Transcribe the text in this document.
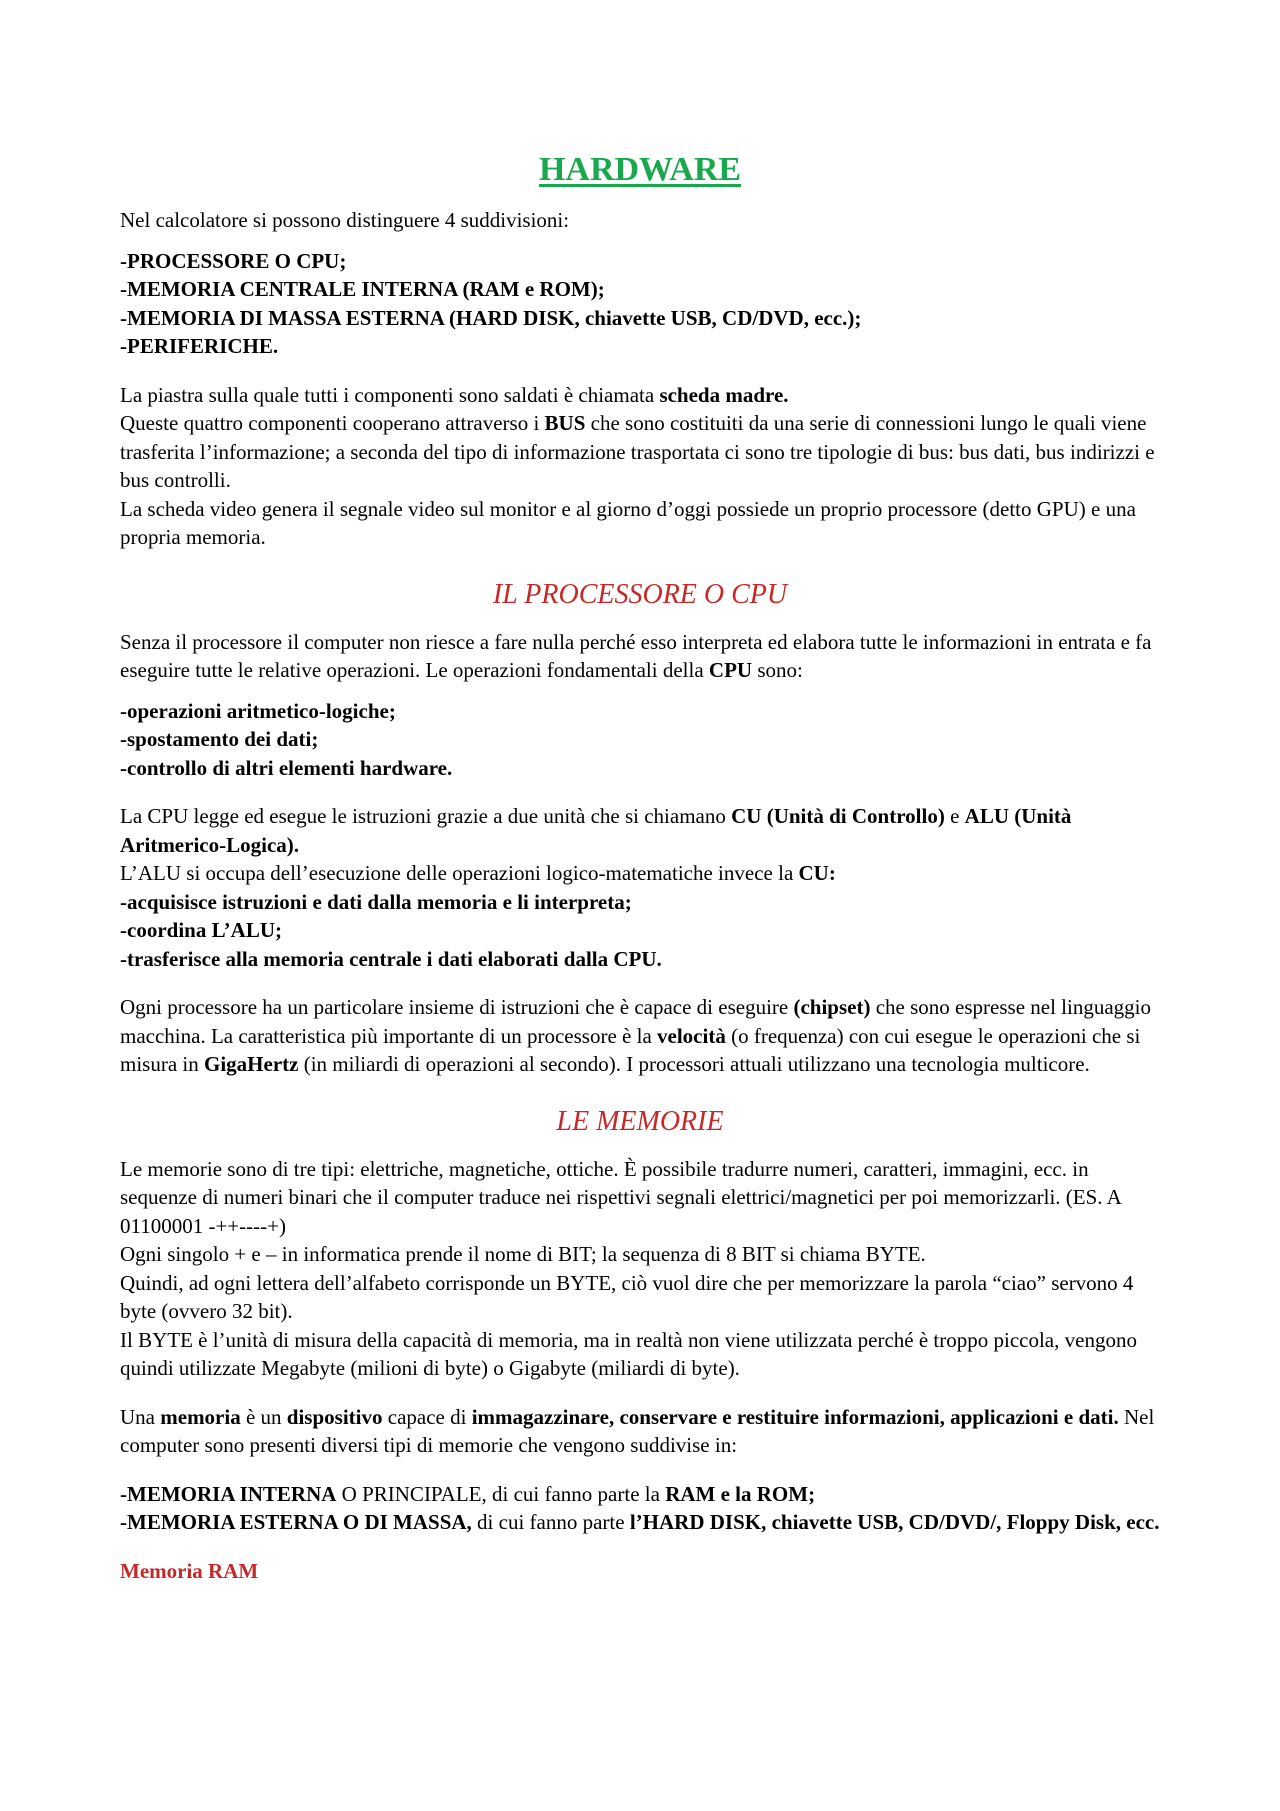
HARDWARE

Nel calcolatore si possono distinguere 4 suddivisioni:

-PROCESSORE O CPU;

-MEMORIA CENTRALE INTERNA (RAM e ROM);

-MEMORIA DI MASSA ESTERNA (HARD DISK, chiavette USB, CD/DVD, ecc.);

-PERIFERICHE.

La piastra sulla quale tutti i componenti sono saldati è chiamata scheda madre.

Queste quattro componenti cooperano attraverso i BUS che sono costituiti da una serie di connessioni lungo le quali viene trasferita l’informazione; a seconda del tipo di informazione trasportata ci sono tre tipologie di bus: bus dati, bus indirizzi e bus controlli.

La scheda video genera il segnale video sul monitor e al giorno d’oggi possiede un proprio processore (detto GPU) e una propria memoria.

IL PROCESSORE O CPU

Senza il processore il computer non riesce a fare nulla perché esso interpreta ed elabora tutte le informazioni in entrata e fa eseguire tutte le relative operazioni. Le operazioni fondamentali della CPU sono:

-operazioni aritmetico-logiche;

-spostamento dei dati;

-controllo di altri elementi hardware.

La CPU legge ed esegue le istruzioni grazie a due unità che si chiamano CU (Unità di Controllo) e ALU (Unità Aritmerico-Logica).

L’ALU si occupa dell’esecuzione delle operazioni logico-matematiche invece la CU:

-acquisisce istruzioni e dati dalla memoria e li interpreta;

-coordina L’ALU;

-trasferisce alla memoria centrale i dati elaborati dalla CPU.

Ogni processore ha un particolare insieme di istruzioni che è capace di eseguire (chipset) che sono espresse nel linguaggio macchina. La caratteristica più importante di un processore è la velocità (o frequenza) con cui esegue le operazioni che si misura in GigaHertz (in miliardi di operazioni al secondo). I processori attuali utilizzano una tecnologia multicore.

LE MEMORIE

Le memorie sono di tre tipi: elettriche, magnetiche, ottiche. È possibile tradurre numeri, caratteri, immagini, ecc. in sequenze di numeri binari che il computer traduce nei rispettivi segnali elettrici/magnetici per poi memorizzarli. (ES. A 01100001 -++----+)

Ogni singolo + e – in informatica prende il nome di BIT; la sequenza di 8 BIT si chiama BYTE.

Quindi, ad ogni lettera dell’alfabeto corrisponde un BYTE, ciò vuol dire che per memorizzare la parola “ciao” servono 4 byte (ovvero 32 bit).

Il BYTE è l’unità di misura della capacità di memoria, ma in realtà non viene utilizzata perché è troppo piccola, vengono quindi utilizzate Megabyte (milioni di byte) o Gigabyte (miliardi di byte).

Una memoria è un dispositivo capace di immagazzinare, conservare e restituire informazioni, applicazioni e dati. Nel computer sono presenti diversi tipi di memorie che vengono suddivise in:

-MEMORIA INTERNA O PRINCIPALE, di cui fanno parte la RAM e la ROM;

-MEMORIA ESTERNA O DI MASSA, di cui fanno parte l’HARD DISK, chiavette USB, CD/DVD/, Floppy Disk, ecc.

Memoria RAM
